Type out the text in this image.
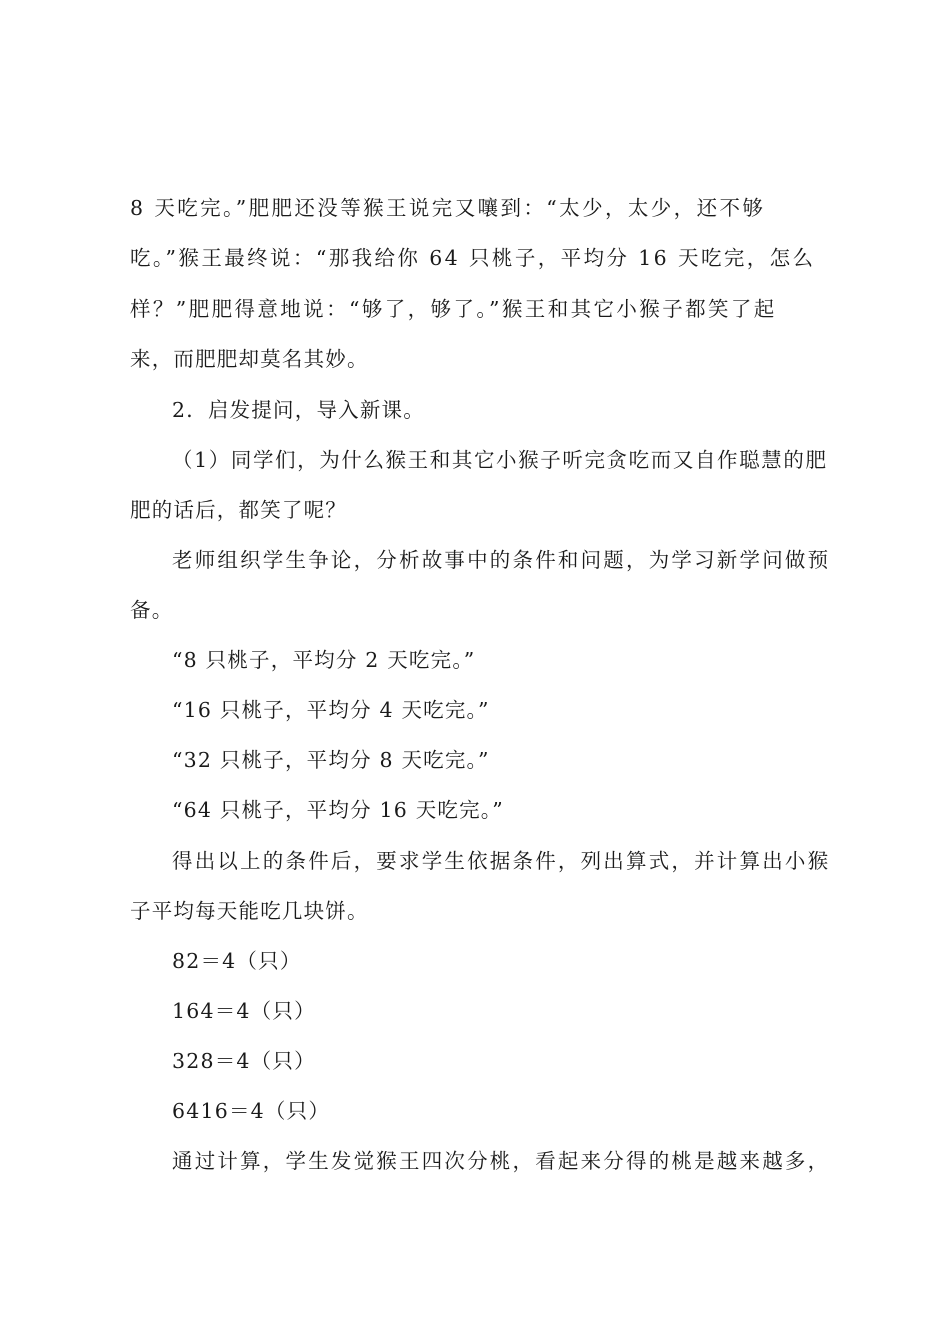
8 天吃完。”肥肥还没等猴王说完又嚷到：“太少，太少，还不够
吃。”猴王最终说：“那我给你 64 只桃子，平均分 16 天吃完，怎么
样？”肥肥得意地说：“够了，够了。”猴王和其它小猴子都笑了起
来，而肥肥却莫名其妙。
2．启发提问，导入新课。
（1）同学们，为什么猴王和其它小猴子听完贪吃而又自作聪慧的肥
肥的话后，都笑了呢？
老师组织学生争论，分析故事中的条件和问题，为学习新学问做预
备。
“8 只桃子，平均分 2 天吃完。”
“16 只桃子，平均分 4 天吃完。”
“32 只桃子，平均分 8 天吃完。”
“64 只桃子，平均分 16 天吃完。”
得出以上的条件后，要求学生依据条件，列出算式，并计算出小猴
子平均每天能吃几块饼。
82＝4（只）
164＝4（只）
328＝4（只）
6416＝4（只）
通过计算，学生发觉猴王四次分桃，看起来分得的桃是越来越多，
